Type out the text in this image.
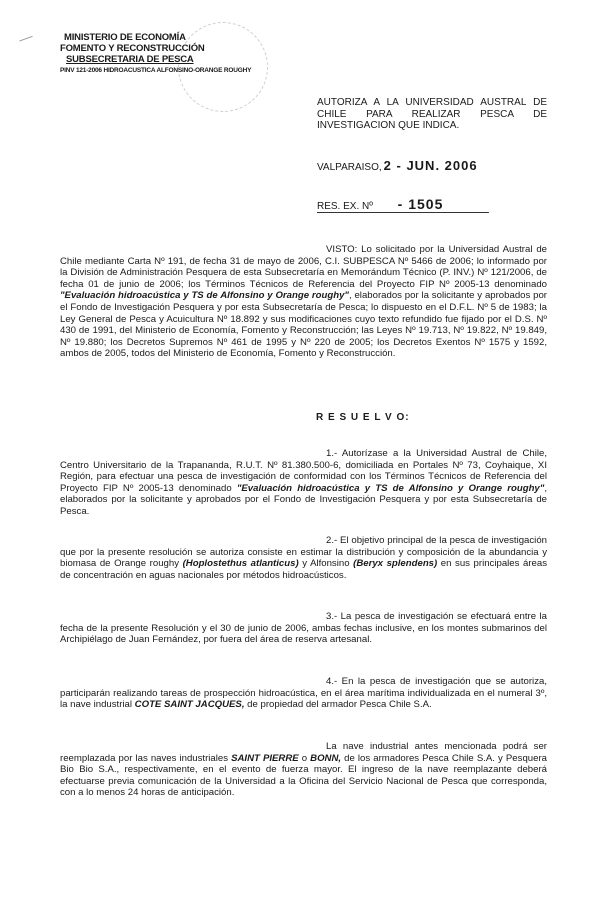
MINISTERIO DE ECONOMÍA
FOMENTO Y RECONSTRUCCIÓN
SUBSECRETARIA DE PESCA
PINV 121-2006 HIDROACUSTICA ALFONSINO-ORANGE ROUGHY
AUTORIZA A LA UNIVERSIDAD AUSTRAL DE CHILE PARA REALIZAR PESCA DE INVESTIGACION QUE INDICA.
VALPARAISO, 2 - JUN. 2006
RES. EX. Nº - 1505
VISTO: Lo solicitado por la Universidad Austral de Chile mediante Carta Nº 191, de fecha 31 de mayo de 2006, C.I. SUBPESCA Nº 5466 de 2006; lo informado por la División de Administración Pesquera de esta Subsecretaría en Memorándum Técnico (P. INV.) Nº 121/2006, de fecha 01 de junio de 2006; los Términos Técnicos de Referencia del Proyecto FIP Nº 2005-13 denominado "Evaluación hidroacústica y TS de Alfonsino y Orange roughy", elaborados por la solicitante y aprobados por el Fondo de Investigación Pesquera y por esta Subsecretaría de Pesca; lo dispuesto en el D.F.L. Nº 5 de 1983; la Ley General de Pesca y Acuicultura Nº 18.892 y sus modificaciones cuyo texto refundido fue fijado por el D.S. Nº 430 de 1991, del Ministerio de Economía, Fomento y Reconstrucción; las Leyes Nº 19.713, Nº 19.822, Nº 19.849, Nº 19.880; los Decretos Supremos Nº 461 de 1995 y Nº 220 de 2005; los Decretos Exentos Nº 1575 y 1592, ambos de 2005, todos del Ministerio de Economía, Fomento y Reconstrucción.
R E S U E L V O:
1.- Autorízase a la Universidad Austral de Chile, Centro Universitario de la Trapananda, R.U.T. Nº 81.380.500-6, domiciliada en Portales Nº 73, Coyhaique, XI Región, para efectuar una pesca de investigación de conformidad con los Términos Técnicos de Referencia del Proyecto FIP Nº 2005-13 denominado "Evaluación hidroacústica y TS de Alfonsino y Orange roughy", elaborados por la solicitante y aprobados por el Fondo de Investigación Pesquera y por esta Subsecretaría de Pesca.
2.- El objetivo principal de la pesca de investigación que por la presente resolución se autoriza consiste en estimar la distribución y composición de la abundancia y biomasa de Orange roughy (Hoplostethus atlanticus) y Alfonsino (Beryx splendens) en sus principales áreas de concentración en aguas nacionales por métodos hidroacústicos.
3.- La pesca de investigación se efectuará entre la fecha de la presente Resolución y el 30 de junio de 2006, ambas fechas inclusive, en los montes submarinos del Archipiélago de Juan Fernández, por fuera del área de reserva artesanal.
4.- En la pesca de investigación que se autoriza, participarán realizando tareas de prospección hidroacústica, en el área marítima individualizada en el numeral 3º, la nave industrial COTE SAINT JACQUES, de propiedad del armador Pesca Chile S.A.
La nave industrial antes mencionada podrá ser reemplazada por las naves industriales SAINT PIERRE o BONN, de los armadores Pesca Chile S.A. y Pesquera Bio Bio S.A., respectivamente, en el evento de fuerza mayor. El ingreso de la nave reemplazante deberá efectuarse previa comunicación de la Universidad a la Oficina del Servicio Nacional de Pesca que corresponda, con a lo menos 24 horas de anticipación.
